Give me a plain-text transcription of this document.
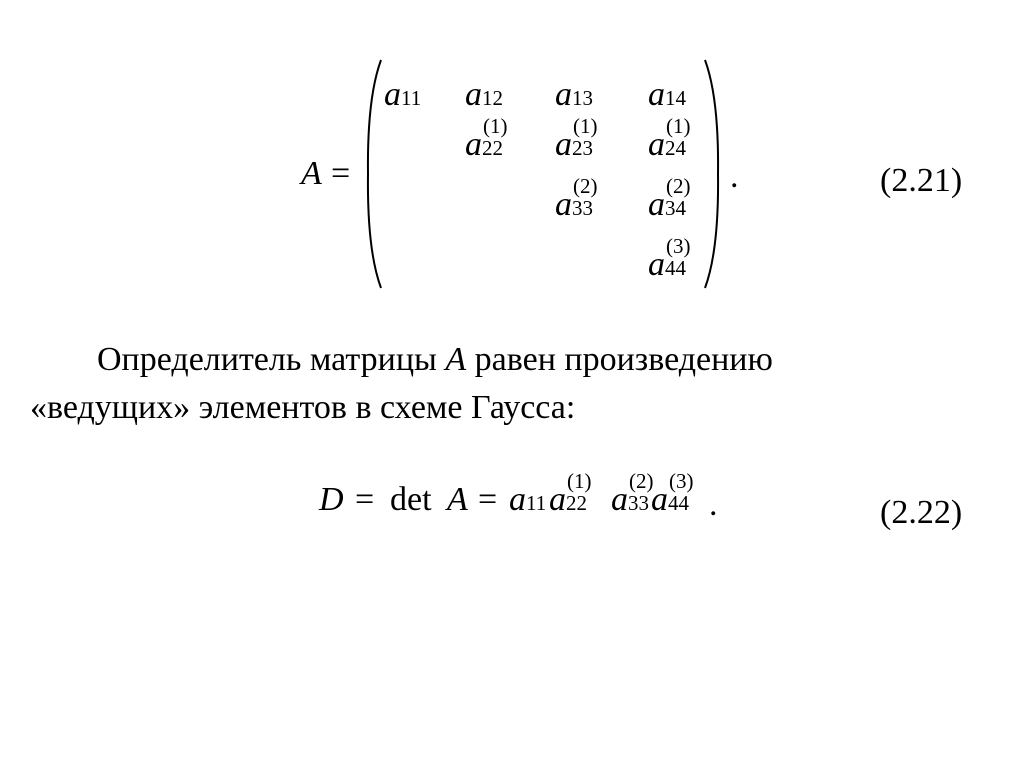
A =
a 11 a 12 a 13 a 14
a (1)
22 a (1)
23 a (1)
24
a (2)
33 a (2)
34
a (3)
44
.	(2.21)
Определитель матрицы A равен произведению
«ведущих» элементов в схеме Гаусса:
D = det A = a 11 a (1)
22 a (2)
33 a (3)
44 .	(2.22)
